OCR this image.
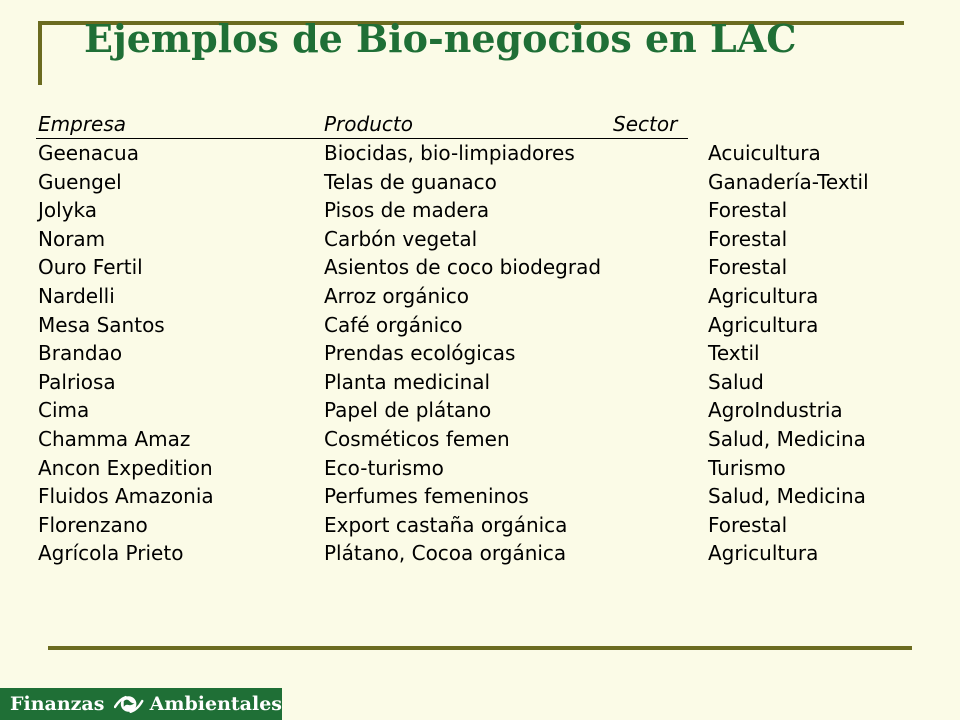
Ejemplos de Bio-negocios en LAC
Empresa	Producto	Sector
Geenacua	Biocidas, bio-limpiadores	Acuicultura
Guengel	Telas de guanaco	Ganadería-Textil
Jolyka	Pisos de madera	Forestal
Noram	Carbón vegetal	Forestal
Ouro Fertil	Asientos de coco biodegrad	Forestal
Nardelli	Arroz orgánico	Agricultura
Mesa Santos	Café orgánico	Agricultura
Brandao	Prendas ecológicas	Textil
Palriosa	Planta medicinal	Salud
Cima	Papel de plátano	AgroIndustria
Chamma Amaz	Cosméticos femen	Salud, Medicina
Ancon Expedition	Eco-turismo	Turismo
Fluidos Amazonia	Perfumes femeninos	Salud, Medicina
Florenzano	Export castaña orgánica	Forestal
Agrícola Prieto	Plátano, Cocoa orgánica	Agricultura
Finanzas Ambientales
